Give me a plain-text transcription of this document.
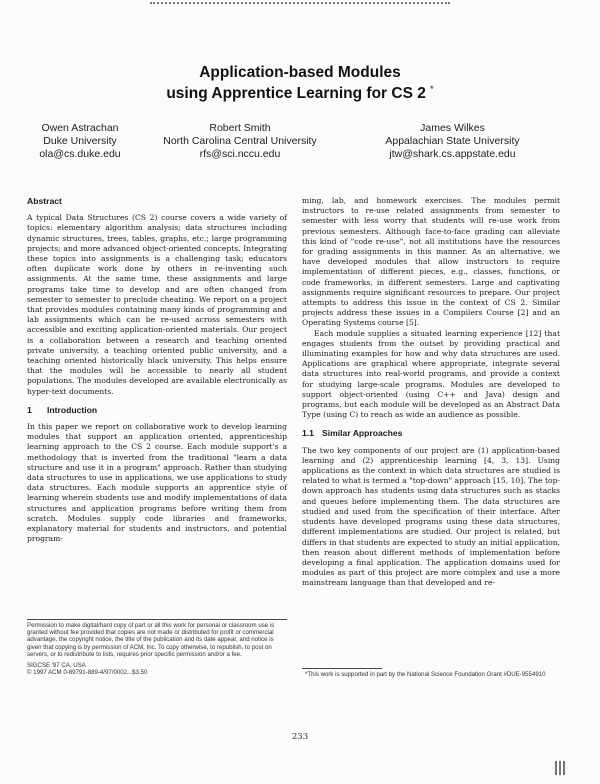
Application-based Modules
using Apprentice Learning for CS 2 *
Owen Astrachan
Duke University
ola@cs.duke.edu
Robert Smith
North Carolina Central University
rfs@sci.nccu.edu
James Wilkes
Appalachian State University
jtw@shark.cs.appstate.edu
Abstract

A typical Data Structures (CS 2) course covers a wide variety of topics: elementary algorithm analysis; data structures including dynamic structures, trees, tables, graphs, etc.; large programming projects; and more advanced object-oriented concepts. Integrating these topics into assignments is a challenging task; educators often duplicate work done by others in re-inventing such assignments. At the same time, these assignments and large programs take time to develop and are often changed from semester to semester to preclude cheating. We report on a project that provides modules containing many kinds of programming and lab assignments which can be re-used across semesters with accessible and exciting application-oriented materials. Our project is a collaboration between a research and teaching oriented private university, a teaching oriented public university, and a teaching oriented historically black university. This helps ensure that the modules will be accessible to nearly all student populations. The modules developed are available electronically as hyper-text documents.

1 Introduction

In this paper we report on collaborative work to develop learning modules that support an application oriented, apprenticeship learning approach to the CS 2 course. Each module support's a methodology that is inverted from the traditional "learn a data structure and use it in a program" approach. Rather than studying data structures to use in applications, we use applications to study data structures. Each module supports an apprentice style of learning wherein students use and modify implementations of data structures and application programs before writing them from scratch. Modules supply code libraries and frameworks, explanatory material for students and instructors, and potential program-

ming, lab, and homework exercises. The modules permit instructors to re-use related assignments from semester to semester with less worry that students will re-use work from previous semesters. Although face-to-face grading can alleviate this kind of "code re-use", not all institutions have the resources for grading assignments in this manner. As an alternative, we have developed modules that allow instructors to require implementation of different pieces, e.g., classes, functions, or code frameworks, in different semesters. Large and captivating assignments require significant resources to prepare. Our project attempts to address this issue in the context of CS 2. Similar projects address these issues in a Compilers Course [2] and an Operating Systems course [5].

Each module supplies a situated learning experience [12] that engages students from the outset by providing practical and illuminating examples for how and why data structures are used. Applications are graphical where appropriate, integrate several data structures into real-world programs, and provide a context for studying large-scale programs. Modules are developed to support object-oriented (using C++ and Java) design and programs, but each module will be developed as an Abstract Data Type (using C) to reach as wide an audience as possible.

1.1 Similar Approaches

The two key components of our project are (1) application-based learning and (2) apprenticeship learning [4, 3, 13]. Using applications as the context in which data structures are studied is related to what is termed a "top-down" approach [15, 10]. The top-down approach has students using data structures such as stacks and queues before implementing them. The data structures are studied and used from the specification of their interface. After students have developed programs using these data structures, different implementations are studied. Our project is related, but differs in that students are expected to study an initial application, then reason about different methods of implementation before developing a final application. The application domains used for modules as part of this project are more complex and use a more mainstream language than that developed and re-

Permission to make digital/hard copy of part or all this work for personal or classroom use is granted without fee provided that copies are not made or distributed for profit or commercial advantage, the copyright notice, the title of the publication and its date appear, and notice is given that copying is by permission of ACM, Inc. To copy otherwise, to republish, to post on servers, or to redistribute to lists, requires prior specific permission and/or a fee.

SIGCSE '97 CA, USA

© 1997 ACM 0-89791-889-4/97/0002...$3.50	*This work is supported in part by the National Science Foundation Grant #DUE-9554910
233
